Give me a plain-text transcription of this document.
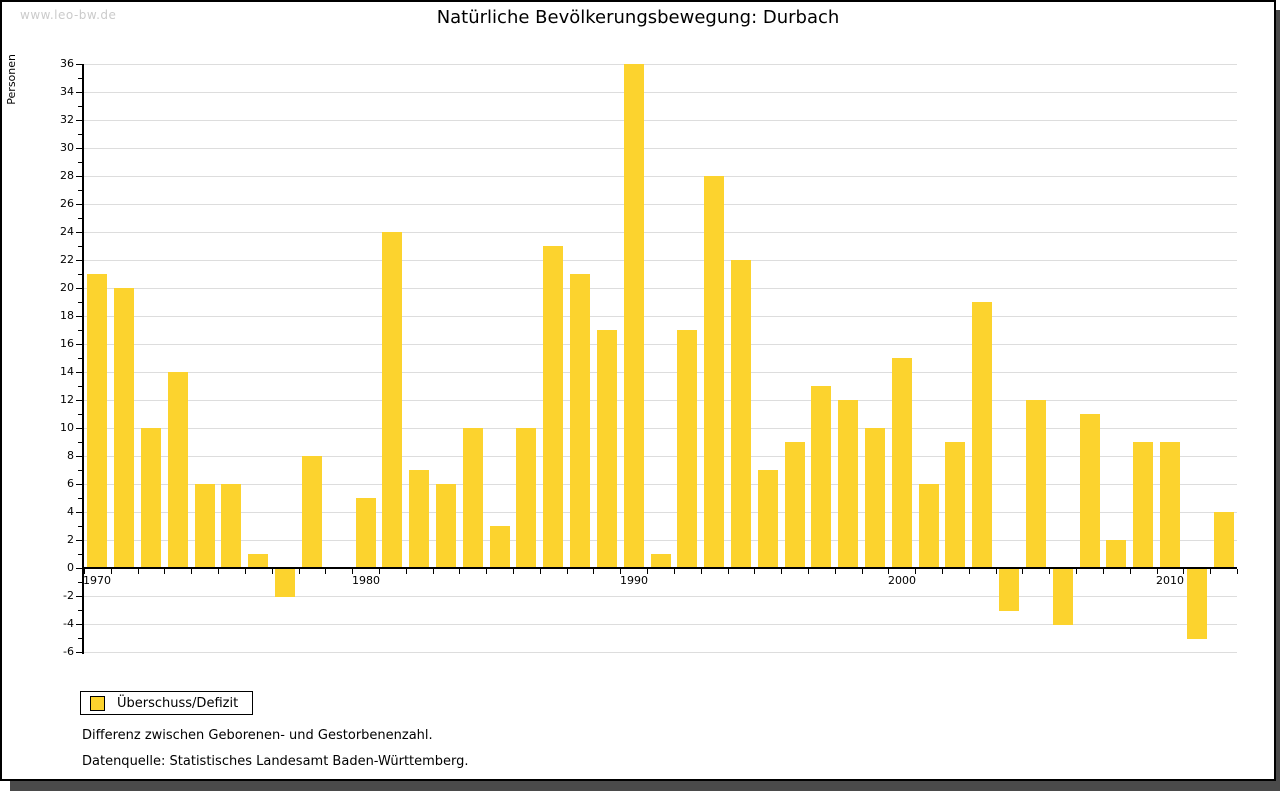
www.leo-bw.de	Natürliche Bevölkerungsbewegung: Durbach
Personen	36
34
32
30
28
26
24
22
20
18
16
14
12
10
8
6
4
2
0
-2
-4
-6
1970	1980	1990	2000	2010
Überschuss/Defizit
Differenz zwischen Geborenen- und Gestorbenenzahl.
Datenquelle: Statistisches Landesamt Baden-Württemberg.
